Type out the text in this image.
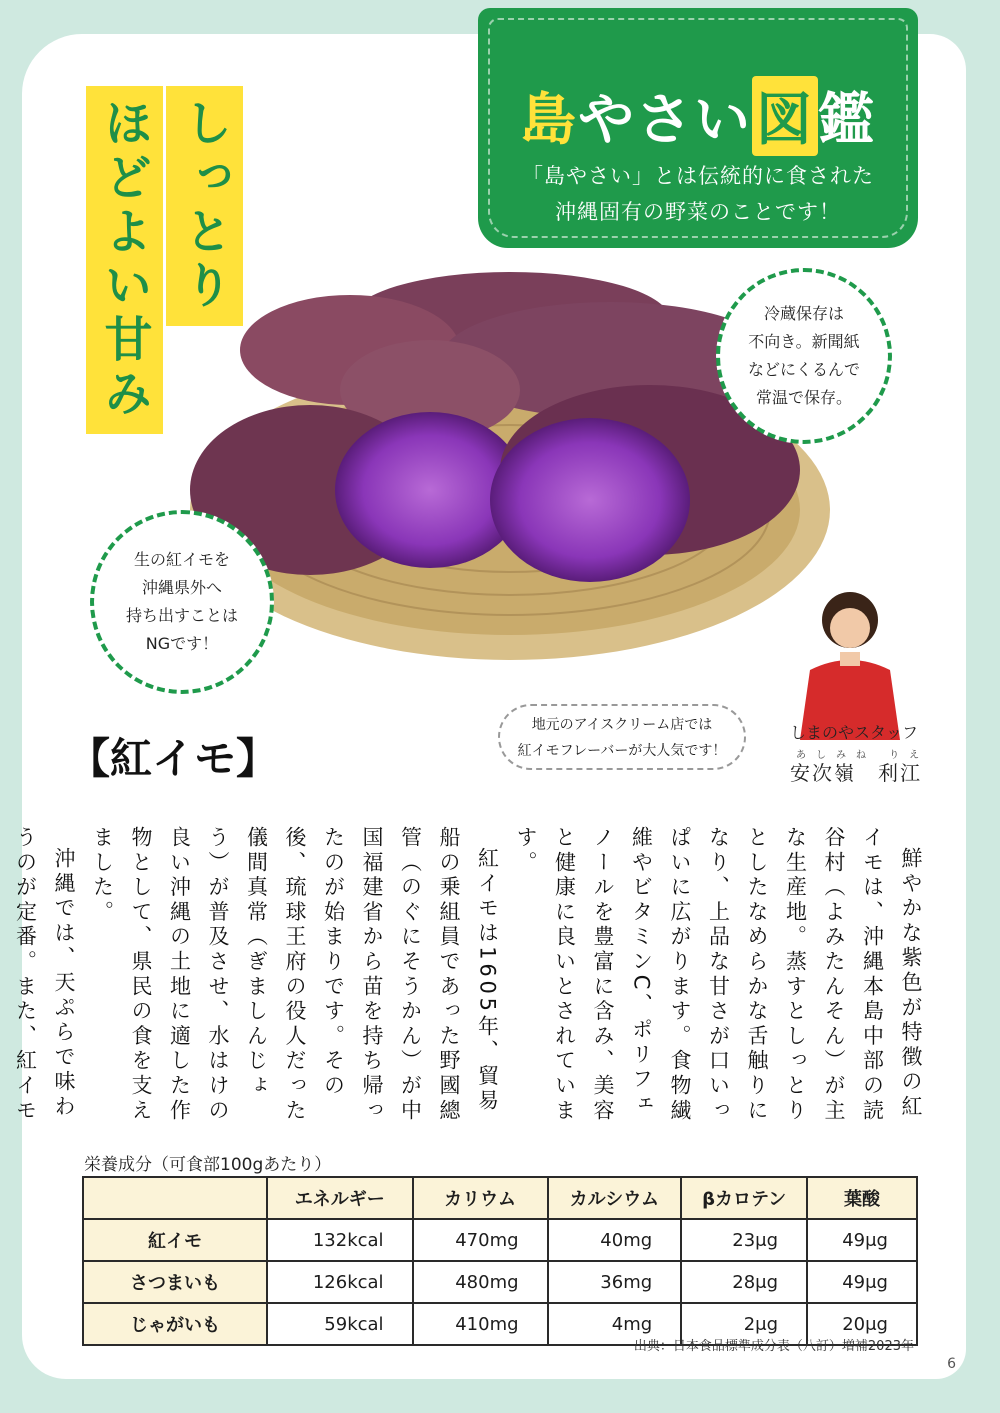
島やさい図鑑
「島やさい」とは伝統的に食された
沖縄固有の野菜のことです！
しっとり
ほどよい甘み	冷蔵保存は
不向き。新聞紙
などにくるんで
常温で保存。
生の紅イモを
沖縄県外へ
持ち出すことは
NGです！
地元のアイスクリーム店では
紅イモフレーバーが大人気です！
しまのやスタッフ
あしみね りえ
安次嶺　利江
【紅イモ】

鮮やかな紫色が特徴の紅イモは、沖縄本島中部の読谷村（よみたんそん）が主な生産地。蒸すとしっとりとしたなめらかな舌触りになり、上品な甘さが口いっぱいに広がります。食物繊維やビタミンC、ポリフェノールを豊富に含み、美容と健康に良いとされています。

紅イモは1605年、貿易船の乗組員であった野國總管（のぐにそうかん）が中国福建省から苗を持ち帰ったのが始まりです。その後、琉球王府の役人だった儀間真常（ぎましんじょう）が普及させ、水はけの良い沖縄の土地に適した作物として、県民の食を支えました。

沖縄では、天ぷらで味わうのが定番。また、紅イモ

栄養成分（可食部100gあたり）
	エネルギー	カリウム	カルシウム	βカロテン	葉酸
紅イモ	132kcal	470mg	40mg	23μg	49μg
さつまいも	126kcal	480mg	36mg	28μg	49μg
じゃがいも	59kcal	410mg	4mg	2μg	20μg
出典：日本食品標準成分表（八訂）増補2023年
6
